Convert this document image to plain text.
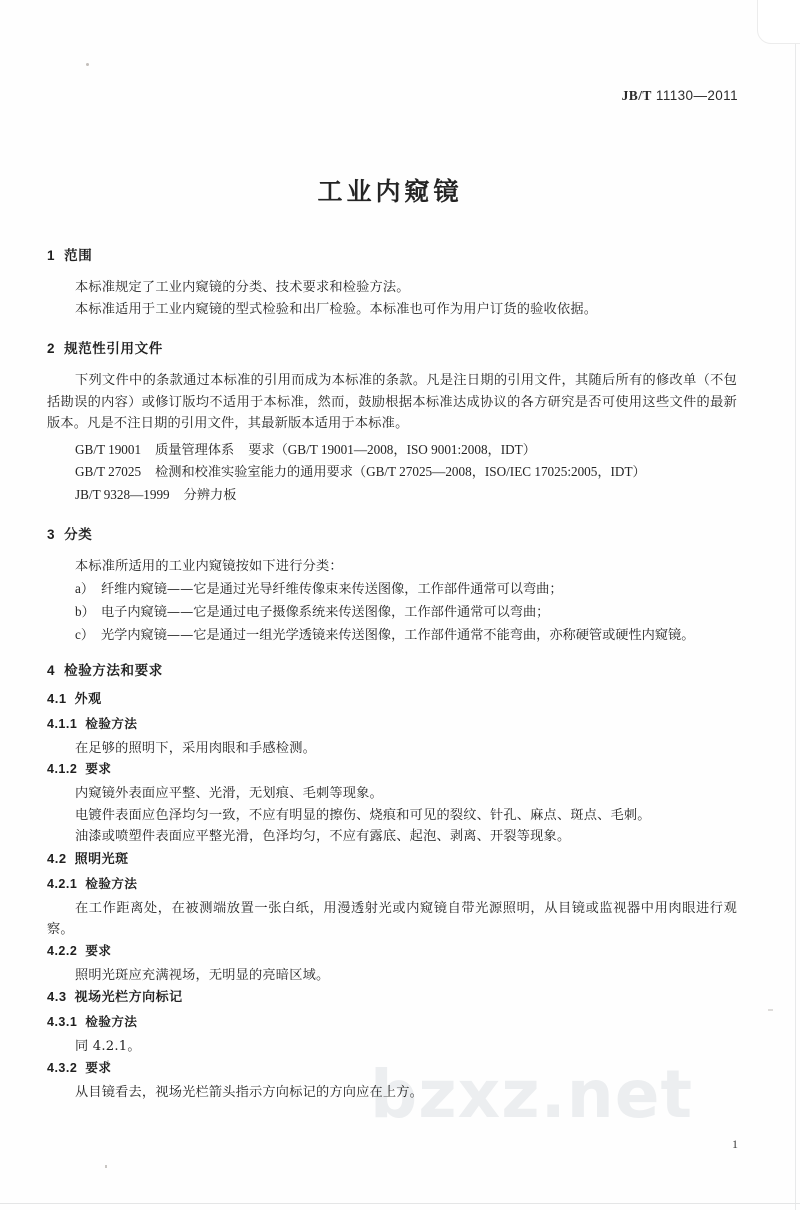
bzxz.net
JB/T 11130—2011
工业内窥镜
1 范围

本标准规定了工业内窥镜的分类、技术要求和检验方法。

本标准适用于工业内窥镜的型式检验和出厂检验。本标准也可作为用户订货的验收依据。

2 规范性引用文件

下列文件中的条款通过本标准的引用而成为本标准的条款。凡是注日期的引用文件，其随后所有的修改单（不包括勘误的内容）或修订版均不适用于本标准，然而，鼓励根据本标准达成协议的各方研究是否可使用这些文件的最新版本。凡是不注日期的引用文件，其最新版本适用于本标准。

GB/T 19001 质量管理体系 要求（GB/T 19001—2008，ISO 9001:2008，IDT）
GB/T 27025 检测和校准实验室能力的通用要求（GB/T 27025—2008，ISO/IEC 17025:2005，IDT）
JB/T 9328—1999 分辨力板
3 分类

本标准所适用的工业内窥镜按如下进行分类：

a） 纤维内窥镜——它是通过光导纤维传像束来传送图像，工作部件通常可以弯曲；
b） 电子内窥镜——它是通过电子摄像系统来传送图像，工作部件通常可以弯曲；
c） 光学内窥镜——它是通过一组光学透镜来传送图像，工作部件通常不能弯曲，亦称硬管或硬性内窥镜。
4 检验方法和要求
4.1 外观
4.1.1 检验方法

在足够的照明下，采用肉眼和手感检测。

4.1.2 要求

内窥镜外表面应平整、光滑，无划痕、毛刺等现象。

电镀件表面应色泽均匀一致，不应有明显的擦伤、烧痕和可见的裂纹、针孔、麻点、斑点、毛刺。

油漆或喷塑件表面应平整光滑，色泽均匀，不应有露底、起泡、剥离、开裂等现象。

4.2 照明光斑
4.2.1 检验方法

在工作距离处，在被测端放置一张白纸，用漫透射光或内窥镜自带光源照明，从目镜或监视器中用肉眼进行观察。

4.2.2 要求

照明光斑应充满视场，无明显的亮暗区域。

4.3 视场光栏方向标记
4.3.1 检验方法

同 4.2.1。

4.3.2 要求

从目镜看去，视场光栏箭头指示方向标记的方向应在上方。

1
